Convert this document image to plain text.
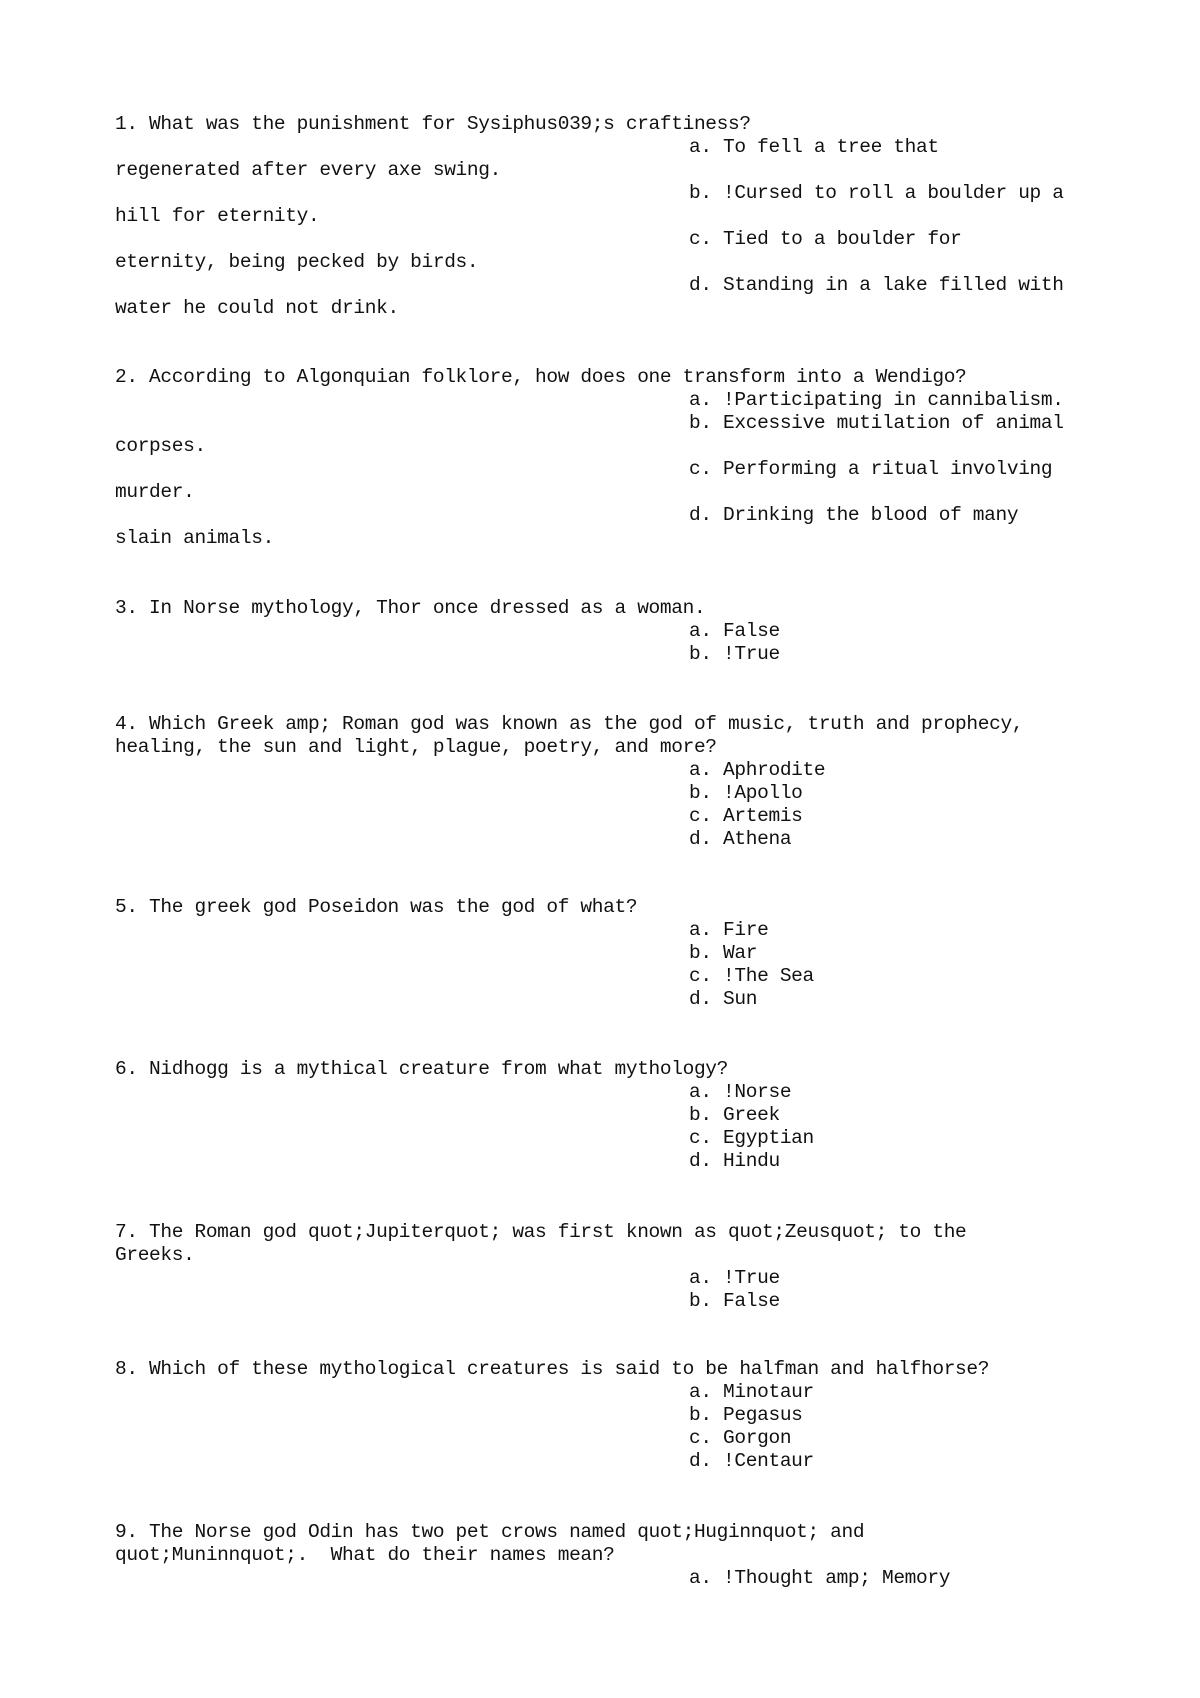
1. What was the punishment for Sysiphus039;s craftiness?
a. To fell a tree that
regenerated after every axe swing.
b. !Cursed to roll a boulder up a
hill for eternity.
c. Tied to a boulder for
eternity, being pecked by birds.
d. Standing in a lake filled with
water he could not drink.
2. According to Algonquian folklore, how does one transform into a Wendigo?
a. !Participating in cannibalism.
b. Excessive mutilation of animal
corpses.
c. Performing a ritual involving
murder.
d. Drinking the blood of many
slain animals.
3. In Norse mythology, Thor once dressed as a woman.
a. False
b. !True
4. Which Greek amp; Roman god was known as the god of music, truth and prophecy,
healing, the sun and light, plague, poetry, and more?
a. Aphrodite
b. !Apollo
c. Artemis
d. Athena
5. The greek god Poseidon was the god of what?
a. Fire
b. War
c. !The Sea
d. Sun
6. Nidhogg is a mythical creature from what mythology?
a. !Norse
b. Greek
c. Egyptian
d. Hindu
7. The Roman god quot;Jupiterquot; was first known as quot;Zeusquot; to the
Greeks.
a. !True
b. False
8. Which of these mythological creatures is said to be halfman and halfhorse?
a. Minotaur
b. Pegasus
c. Gorgon
d. !Centaur
9. The Norse god Odin has two pet crows named quot;Huginnquot; and
quot;Muninnquot;.  What do their names mean?
a. !Thought amp; Memory
